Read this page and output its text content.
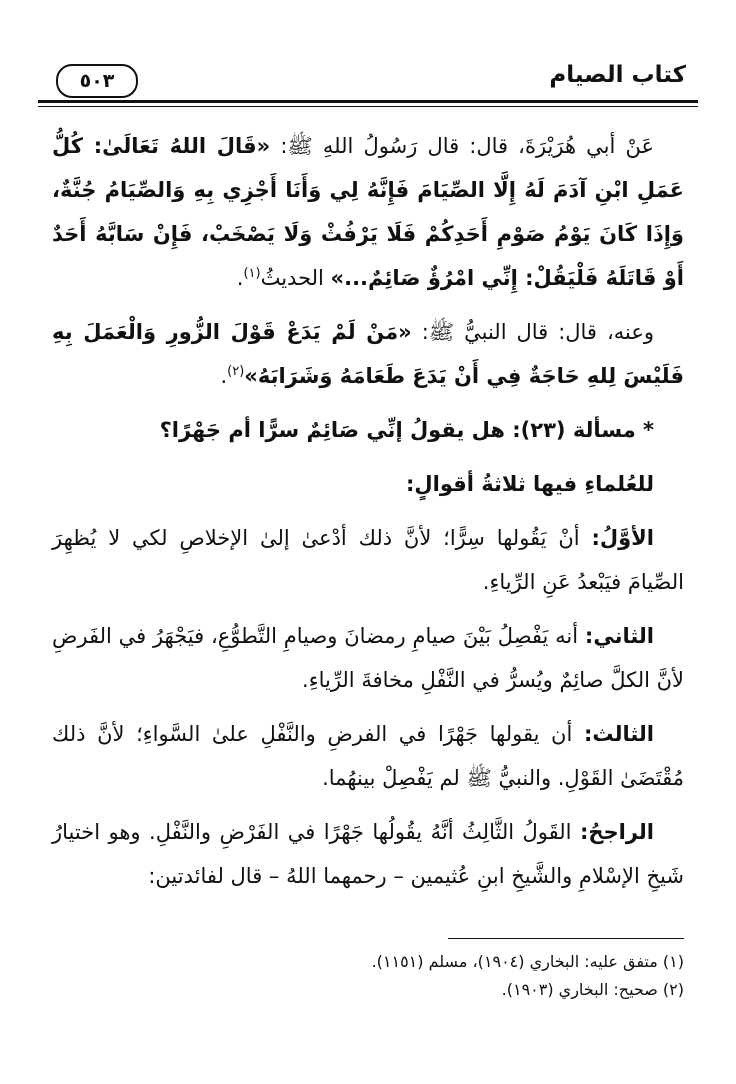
كتاب الصيام
٥٠٣

عَنْ أبي هُرَيْرَةَ، قال: قال رَسُولُ اللهِ ﷺ: «قَالَ اللهُ تَعَالَىٰ: كُلُّ عَمَلِ ابْنِ آدَمَ لَهُ إِلَّا الصِّيَامَ فَإِنَّهُ لِي وَأَنَا أَجْزِي بِهِ وَالصِّيَامُ جُنَّةٌ، وَإِذَا كَانَ يَوْمُ صَوْمِ أَحَدِكُمْ فَلَا يَرْفُثْ وَلَا يَصْخَبْ، فَإِنْ سَابَّهُ أَحَدٌ أَوْ قَاتَلَهُ فَلْيَقُلْ: إِنِّي امْرُؤٌ صَائِمٌ...» الحديثُ$^{(١)}$.

وعنه، قال: قال النبيُّ ﷺ: «مَنْ لَمْ يَدَعْ قَوْلَ الزُّورِ وَالْعَمَلَ بِهِ فَلَيْسَ لِلهِ حَاجَةٌ فِي أَنْ يَدَعَ طَعَامَهُ وَشَرَابَهُ»$^{(٢)}$.

* مسألة (٢٣): هل يقولُ إنِّي صَائِمٌ سرًّا أم جَهْرًا؟

للعُلماءِ فيها ثلاثةُ أقوالٍ:

الأوَّلُ: أنْ يَقُولها سِرًّا؛ لأنَّ ذلك أدْعىٰ إلىٰ الإخلاصِ لكي لا يُظهِرَ الصِّيامَ فيَبْعدُ عَنِ الرِّياءِ.

الثاني: أنه يَفْصِلُ بَيْنَ صيامِ رمضانَ وصيامِ التَّطوُّعِ، فيَجْهَرُ في الفَرضِ لأنَّ الكلَّ صائِمٌ ويُسرُّ في النَّفْلِ مخافةَ الرِّياءِ.

الثالث: أن يقولها جَهْرًا في الفرضِ والنَّفْلِ علىٰ السَّواءِ؛ لأنَّ ذلك مُقْتَضَىٰ القَوْلِ. والنبيُّ ﷺ لم يَفْصِلْ بينهُما.

الراجحُ: القَولُ الثَّالِثُ أنَّهُ يقُولُها جَهْرًا في الفَرْضِ والنَّفْلِ. وهو اختيارُ شَيخِ الإسْلامِ والشَّيخِ ابنِ عُثيمين – رحمهما اللهُ – قال لفائدتين:

(١) متفق عليه: البخاري (١٩٠٤)، مسلم (١١٥١).
(٢) صحيح: البخاري (١٩٠٣).
